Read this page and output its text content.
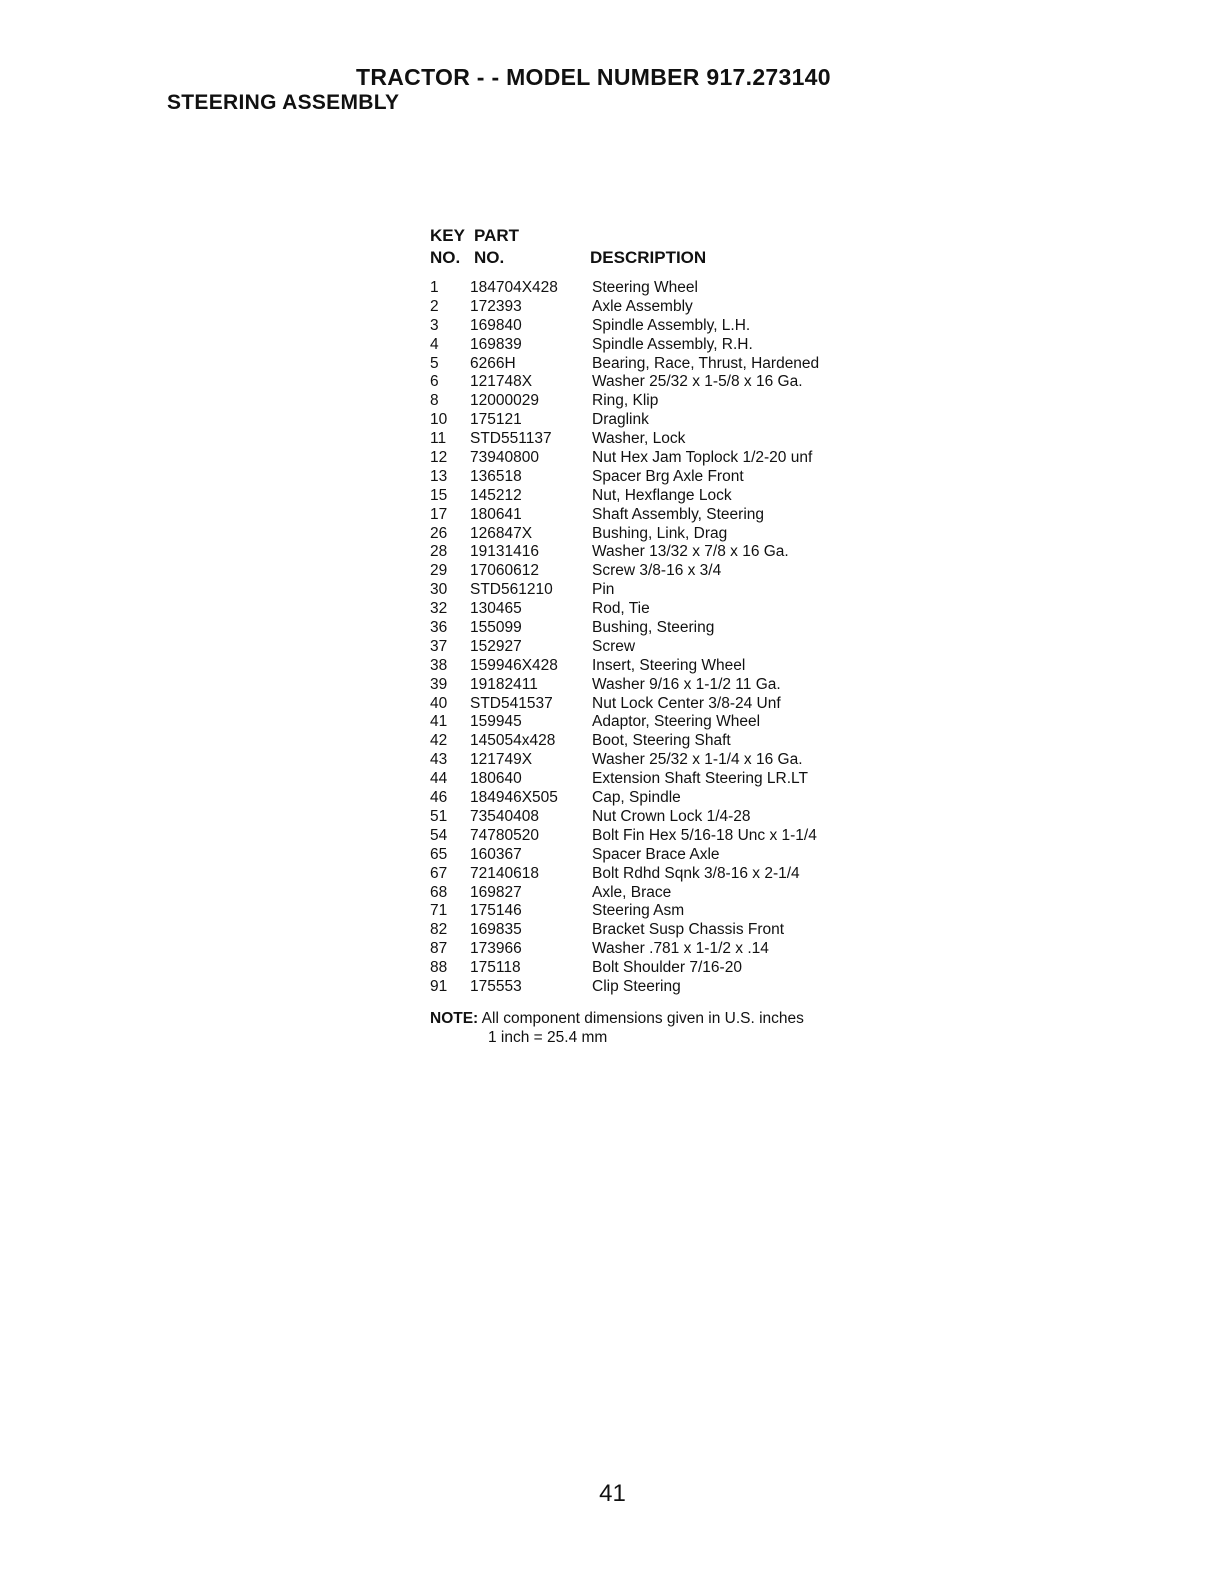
TRACTOR - - MODEL NUMBER 917.273140
STEERING ASSEMBLY
KEY PART
NO. NO.	DESCRIPTION
1 184704X428 Steering Wheel
2 172393	Axle Assembly
3 169840	Spindle Assembly, L.H.
4 169839	Spindle Assembly, R.H.
5 6266H	Bearing, Race, Thrust, Hardened
6 121748X	Washer 25/32 x 1-5/8 x 16 Ga.
8 12000029	Ring, Klip
10 175121	Draglink
11 STD551137	Washer, Lock
12 73940800	Nut Hex Jam Toplock 1/2-20 unf
13 136518	Spacer Brg Axle Front
15 145212	Nut, Hexflange Lock
17 180641	Shaft Assembly, Steering
26 126847X	Bushing, Link, Drag
28 19131416	Washer 13/32 x 7/8 x 16 Ga.
29 17060612	Screw 3/8-16 x 3/4
30 STD561210	Pin
32 130465	Rod, Tie
36 155099	Bushing, Steering
37 152927	Screw
38 159946X428 Insert, Steering Wheel
39 19182411	Washer 9/16 x 1-1/2 11 Ga.
40 STD541537	Nut Lock Center 3/8-24 Unf
41 159945	Adaptor, Steering Wheel
42 145054x428 Boot, Steering Shaft
43 121749X	Washer 25/32 x 1-1/4 x 16 Ga.
44 180640	Extension Shaft Steering LR.LT
46 184946X505 Cap, Spindle
51 73540408	Nut Crown Lock 1/4-28
54 74780520	Bolt Fin Hex 5/16-18 Unc x 1-1/4
65 160367	Spacer Brace Axle
67 72140618	Bolt Rdhd Sqnk 3/8-16 x 2-1/4
68 169827	Axle, Brace
71 175146	Steering Asm
82 169835	Bracket Susp Chassis Front
87 173966	Washer .781 x 1-1/2 x .14
88 175118	Bolt Shoulder 7/16-20
91 175553	Clip Steering
NOTE: All component dimensions given in U.S. inches
1 inch = 25.4 mm
41
